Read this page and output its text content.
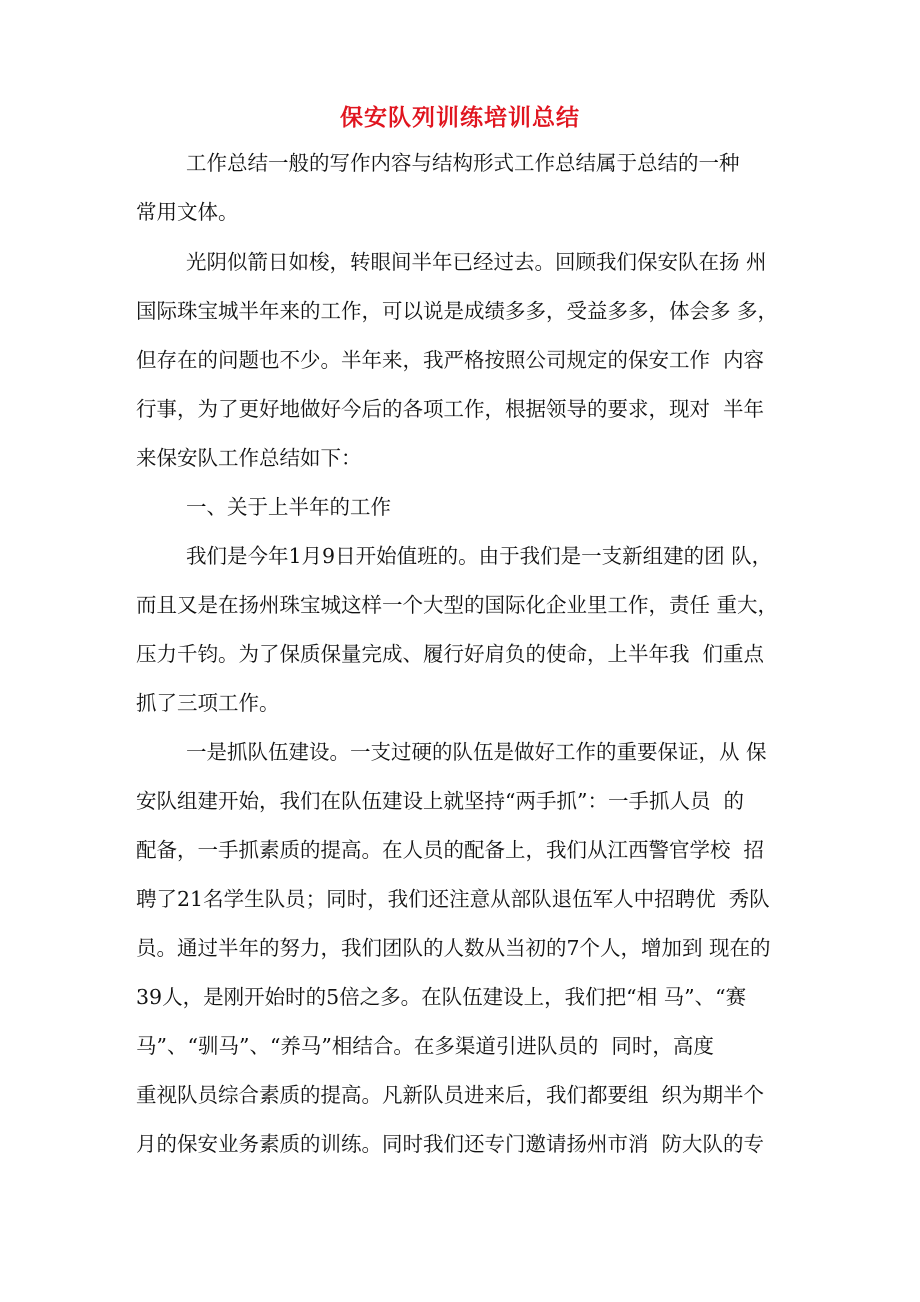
保安队列训练培训总结
工作总结一般的写作内容与结构形式工作总结属于总结的一种
常用文体。
光阴似箭日如梭，转眼间半年已经过去。回顾我们保安队在扬 州
国际珠宝城半年来的工作，可以说是成绩多多，受益多多，体会多 多，
但存在的问题也不少。半年来，我严格按照公司规定的保安工作  内容
行事，为了更好地做好今后的各项工作，根据领导的要求，现对  半年
来保安队工作总结如下：
一、关于上半年的工作
我们是今年1月9日开始值班的。由于我们是一支新组建的团 队，
而且又是在扬州珠宝城这样一个大型的国际化企业里工作，责任 重大，
压力千钧。为了保质保量完成、履行好肩负的使命，上半年我  们重点
抓了三项工作。
一是抓队伍建设。一支过硬的队伍是做好工作的重要保证，从 保
安队组建开始，我们在队伍建设上就坚持“两手抓”：一手抓人员  的
配备，一手抓素质的提高。在人员的配备上，我们从江西警官学校  招
聘了21名学生队员；同时，我们还注意从部队退伍军人中招聘优  秀队
员。通过半年的努力，我们团队的人数从当初的7个人，增加到 现在的
39人，是刚开始时的5倍之多。在队伍建设上，我们把“相 马”、“赛
马”、“驯马”、“养马”相结合。在多渠道引进队员的  同时，高度
重视队员综合素质的提高。凡新队员进来后，我们都要组  织为期半个
月的保安业务素质的训练。同时我们还专门邀请扬州市消  防大队的专
